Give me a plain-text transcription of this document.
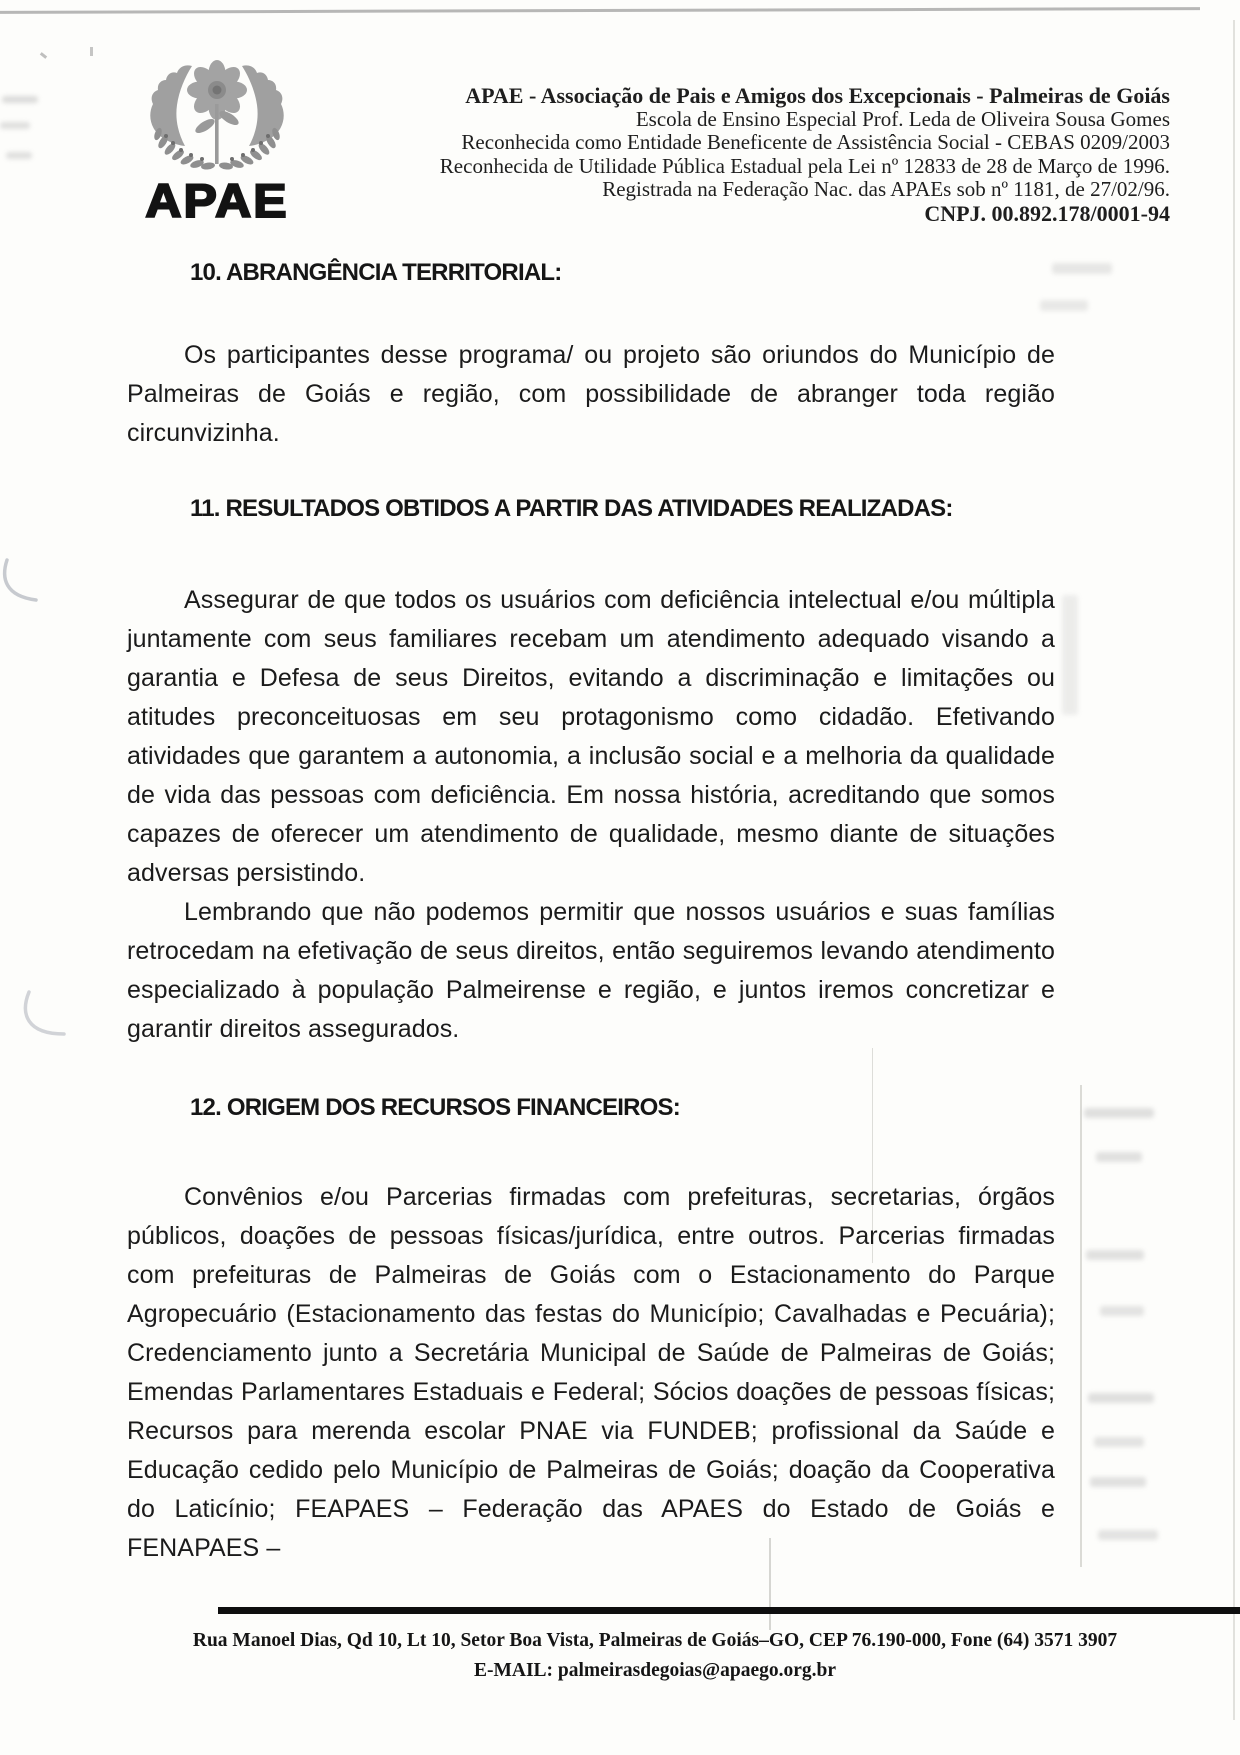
APAE
APAE - Associação de Pais e Amigos dos Excepcionais - Palmeiras de Goiás
Escola de Ensino Especial Prof. Leda de Oliveira Sousa Gomes
Reconhecida como Entidade Beneficente de Assistência Social - CEBAS 0209/2003
Reconhecida de Utilidade Pública Estadual pela Lei nº 12833 de 28 de Março de 1996.
Registrada na Federação Nac. das APAEs sob nº 1181, de 27/02/96.
CNPJ. 00.892.178/0001-94
10. ABRANGÊNCIA TERRITORIAL:

Os participantes desse programa/ ou projeto são oriundos do Município de Palmeiras de Goiás e região, com possibilidade de abranger toda região circunvizinha.

11. RESULTADOS OBTIDOS A PARTIR DAS ATIVIDADES REALIZADAS:

Assegurar de que todos os usuários com deficiência intelectual e/ou múltipla juntamente com seus familiares recebam um atendimento adequado visando a garantia e Defesa de seus Direitos, evitando a discriminação e limitações ou atitudes preconceituosas em seu protagonismo como cidadão. Efetivando atividades que garantem a autonomia, a inclusão social e a melhoria da qualidade de vida das pessoas com deficiência. Em nossa história, acreditando que somos capazes de oferecer um atendimento de qualidade, mesmo diante de situações adversas persistindo.

Lembrando que não podemos permitir que nossos usuários e suas famílias retrocedam na efetivação de seus direitos, então seguiremos levando atendimento especializado à população Palmeirense e região, e juntos iremos concretizar e garantir direitos assegurados.

12. ORIGEM DOS RECURSOS FINANCEIROS:

Convênios e/ou Parcerias firmadas com prefeituras, secretarias, órgãos públicos, doações de pessoas físicas/jurídica, entre outros. Parcerias firmadas com prefeituras de Palmeiras de Goiás com o Estacionamento do Parque Agropecuário (Estacionamento das festas do Município; Cavalhadas e Pecuária); Credenciamento junto a Secretária Municipal de Saúde de Palmeiras de Goiás; Emendas Parlamentares Estaduais e Federal; Sócios doações de pessoas físicas; Recursos para merenda escolar PNAE via FUNDEB; profissional da Saúde e Educação cedido pelo Município de Palmeiras de Goiás; doação da Cooperativa do Laticínio; FEAPAES – Federação das APAES do Estado de Goiás e FENAPAES –

Rua Manoel Dias, Qd 10, Lt 10, Setor Boa Vista, Palmeiras de Goiás–GO, CEP 76.190-000, Fone (64) 3571 3907
E-MAIL: palmeirasdegoias@apaego.org.br
